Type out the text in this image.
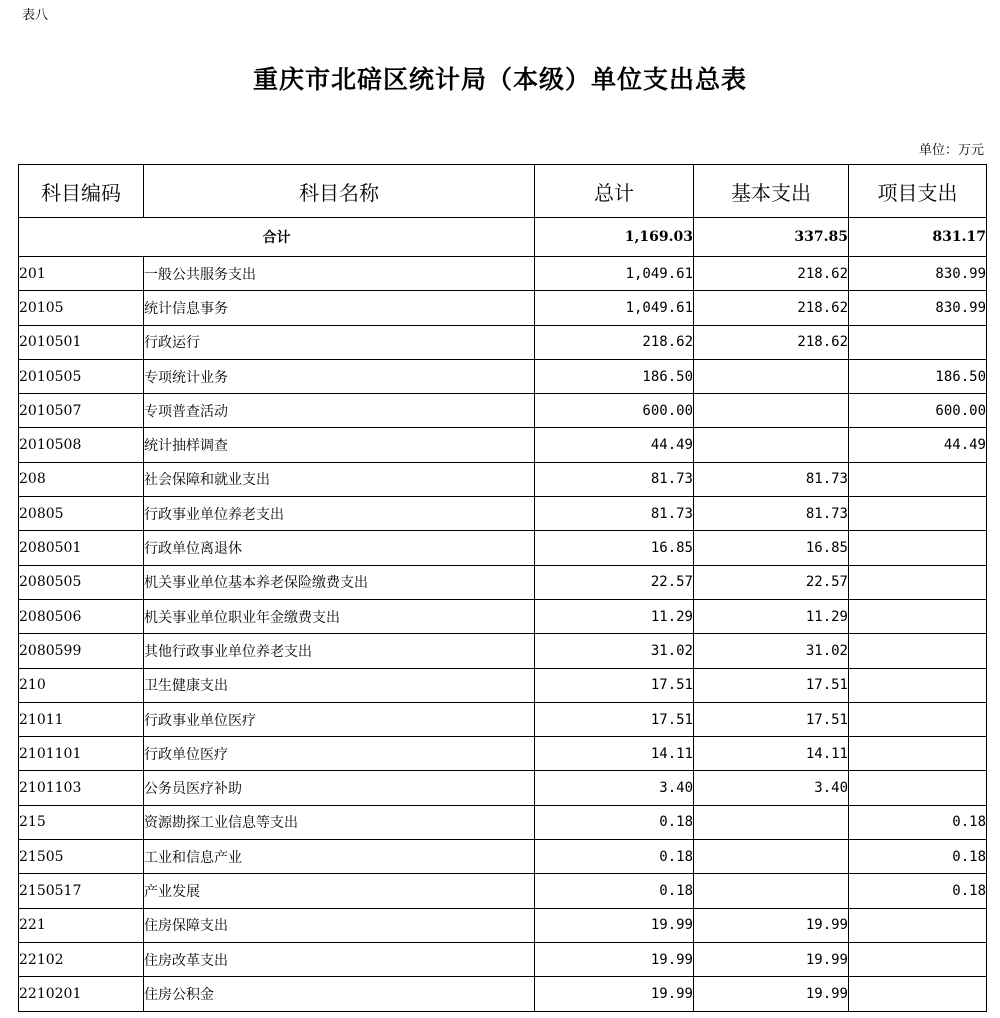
表八
重庆市北碚区统计局（本级）单位支出总表
单位：万元
科目编码	科目名称	总计	基本支出	项目支出
合计		1,169.03	337.85	831.17
201	一般公共服务支出	1,049.61	218.62	830.99
20105	统计信息事务	1,049.61	218.62	830.99
2010501	行政运行	218.62	218.62	
2010505	专项统计业务	186.50		186.50
2010507	专项普查活动	600.00		600.00
2010508	统计抽样调查	44.49		44.49
208	社会保障和就业支出	81.73	81.73	
20805	行政事业单位养老支出	81.73	81.73	
2080501	行政单位离退休	16.85	16.85	
2080505	机关事业单位基本养老保险缴费支出	22.57	22.57	
2080506	机关事业单位职业年金缴费支出	11.29	11.29	
2080599	其他行政事业单位养老支出	31.02	31.02	
210	卫生健康支出	17.51	17.51	
21011	行政事业单位医疗	17.51	17.51	
2101101	行政单位医疗	14.11	14.11	
2101103	公务员医疗补助	3.40	3.40	
215	资源勘探工业信息等支出	0.18		0.18
21505	工业和信息产业	0.18		0.18
2150517	产业发展	0.18		0.18
221	住房保障支出	19.99	19.99	
22102	住房改革支出	19.99	19.99	
2210201	住房公积金	19.99	19.99	
